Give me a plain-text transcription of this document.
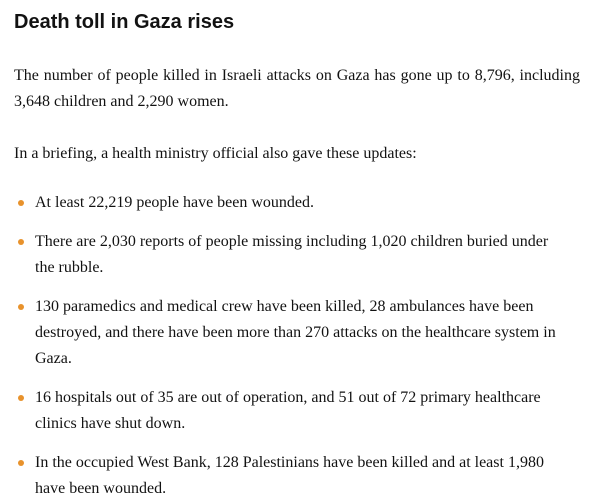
Death toll in Gaza rises

The number of people killed in Israeli attacks on Gaza has gone up to 8,796, including 3,648 children and 2,290 women.

In a briefing, a health ministry official also gave these updates:

At least 22,219 people have been wounded.
There are 2,030 reports of people missing including 1,020 children buried under the rubble.
130 paramedics and medical crew have been killed, 28 ambulances have been destroyed, and there have been more than 270 attacks on the healthcare system in Gaza.
16 hospitals out of 35 are out of operation, and 51 out of 72 primary healthcare clinics have shut down.
In the occupied West Bank, 128 Palestinians have been killed and at least 1,980 have been wounded.
